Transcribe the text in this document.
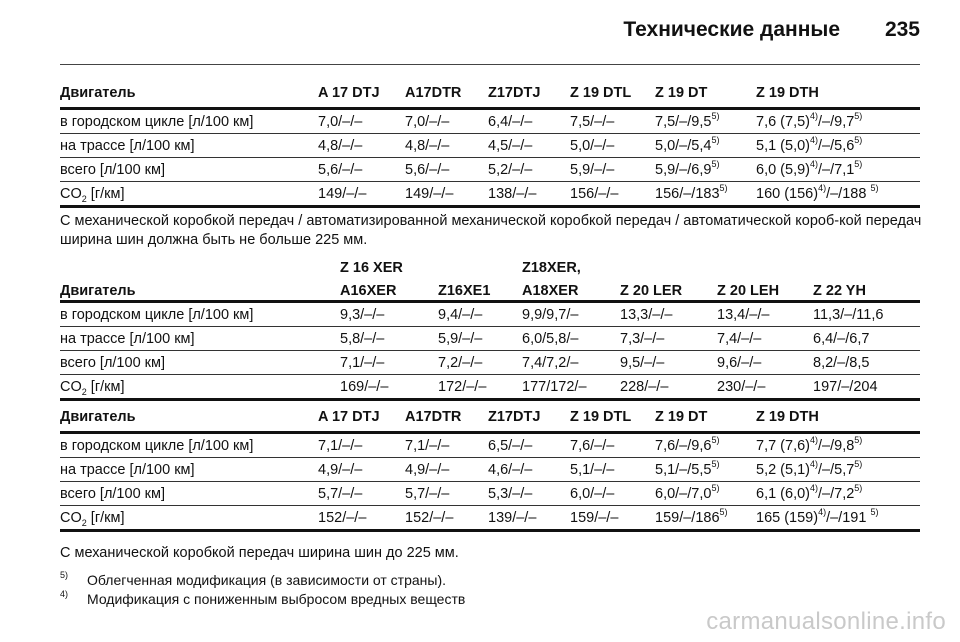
Технические данные 235
Двигатель	A 17 DTJ	A17DTR	Z17DTJ	Z 19 DTL	Z 19 DT	Z 19 DTH
в городском цикле [л/100 км]	7,0/–/–	7,0/–/–	6,4/–/–	7,5/–/–	7,5/–/9,5$^{5)}$	7,6 $(7,5)^{4)}/-/9,7^{5)}$
на трассе [л/100 км]	4,8/–/–	4,8/–/–	4,5/–/–	5,0/–/–	5,0/–/5,4$^{5)}$	5,1 $(5,0)^{4)}/-/5,6^{5)}$
всего [л/100 км]	5,6/–/–	5,6/–/–	5,2/–/–	5,9/–/–	5,9/–/6,9$^{5)}$	6,0 $(5,9)^{4)}/-/7,1^{5)}$
$CO_2$ [г/км]	149/–/–	149/–/–	138/–/–	156/–/–	156/–/183$^{5)}$	160 $(156)^{4)}/-/188$ $^{5)}$
С механической коробкой передач / автоматизированной механической коробкой передач / автоматической короб-кой передач ширина шин должна быть не больше 225 мм.
	Z 16 XER		Z18XER,			
Двигатель	A16XER	Z16XE1	A18XER	Z 20 LER	Z 20 LEH	Z 22 YH
в городском цикле [л/100 км]	9,3/–/–	9,4/–/–	9,9/9,7/–	13,3/–/–	13,4/–/–	11,3/–/11,6
на трассе [л/100 км]	5,8/–/–	5,9/–/–	6,0/5,8/–	7,3/–/–	7,4/–/–	6,4/–/6,7
всего [л/100 км]	7,1/–/–	7,2/–/–	7,4/7,2/–	9,5/–/–	9,6/–/–	8,2/–/8,5
$CO_2$ [г/км]	169/–/–	172/–/–	177/172/–	228/–/–	230/–/–	197/–/204
Двигатель	A 17 DTJ	A17DTR	Z17DTJ	Z 19 DTL	Z 19 DT	Z 19 DTH
в городском цикле [л/100 км]	7,1/–/–	7,1/–/–	6,5/–/–	7,6/–/–	7,6/–/9,6$^{5)}$	7,7 $(7,6)^{4)}/-/9,8^{5)}$
на трассе [л/100 км]	4,9/–/–	4,9/–/–	4,6/–/–	5,1/–/–	5,1/–/5,5$^{5)}$	5,2 $(5,1)^{4)}/-/5,7^{5)}$
всего [л/100 км]	5,7/–/–	5,7/–/–	5,3/–/–	6,0/–/–	6,0/–/7,0$^{5)}$	6,1 $(6,0)^{4)}/-/7,2^{5)}$
$CO_2$ [г/км]	152/–/–	152/–/–	139/–/–	159/–/–	159/–/186$^{5)}$	165 $(159)^{4)}/-/191$ $^{5)}$
С механической коробкой передач ширина шин до 225 мм.
5) Облегченная модификация (в зависимости от страны).
4) Модификация с пониженным выбросом вредных веществ
carmanualsonline.info
